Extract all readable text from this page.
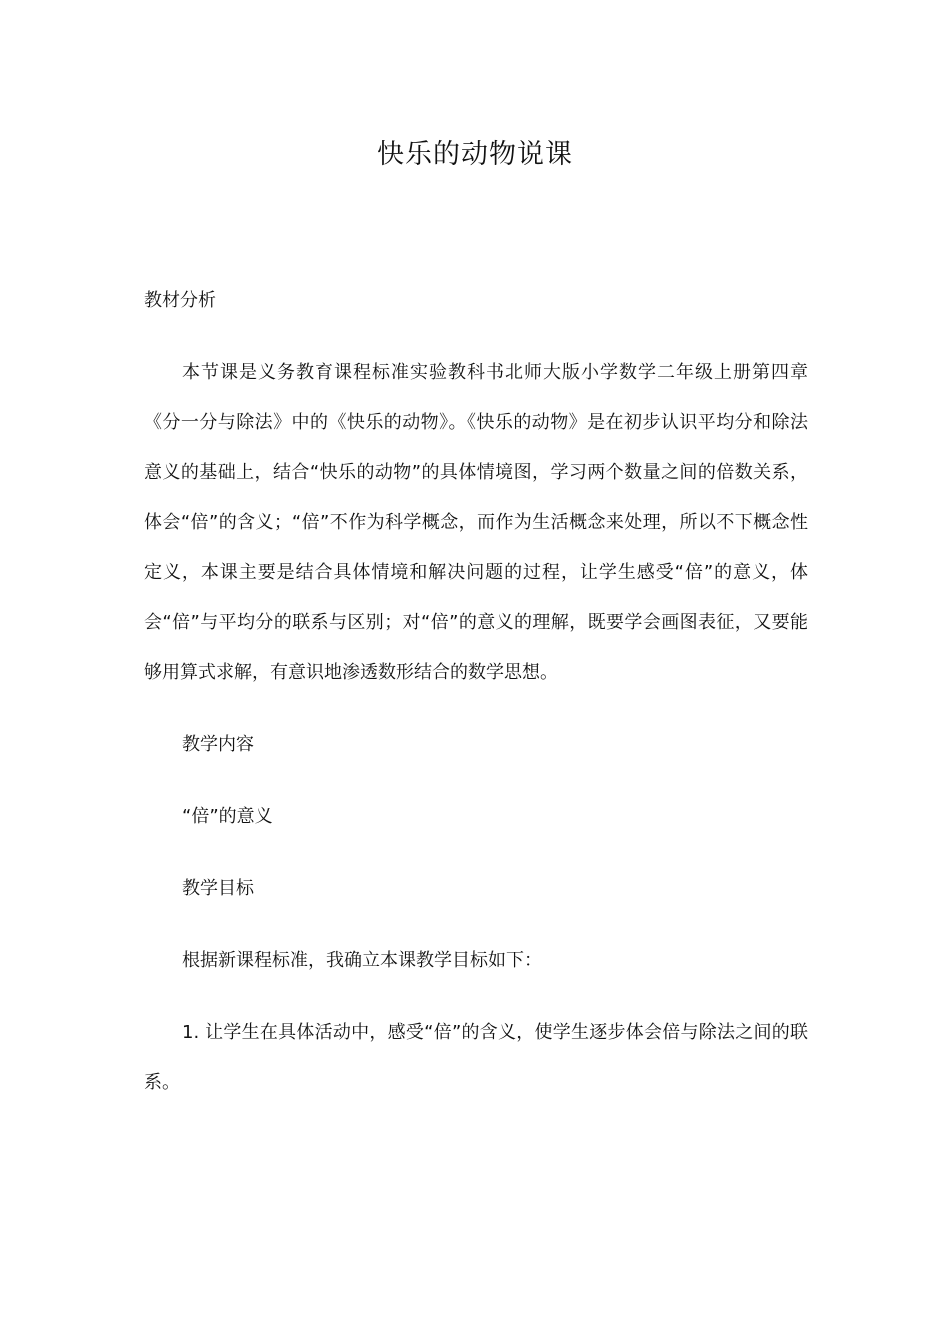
快乐的动物说课

教材分析

本节课是义务教育课程标准实验教科书北师大版小学数学二年级上册第四章《分一分与除法》中的《快乐的动物》。《快乐的动物》是在初步认识平均分和除法意义的基础上，结合“快乐的动物”的具体情境图，学习两个数量之间的倍数关系，体会“倍”的含义；“倍”不作为科学概念，而作为生活概念来处理，所以不下概念性定义，本课主要是结合具体情境和解决问题的过程，让学生感受“倍”的意义，体会“倍”与平均分的联系与区别；对“倍”的意义的理解，既要学会画图表征，又要能够用算式求解，有意识地渗透数形结合的数学思想。

教学内容

“倍”的意义

教学目标

根据新课程标准，我确立本课教学目标如下：

1. 让学生在具体活动中，感受“倍”的含义，使学生逐步体会倍与除法之间的联系。
